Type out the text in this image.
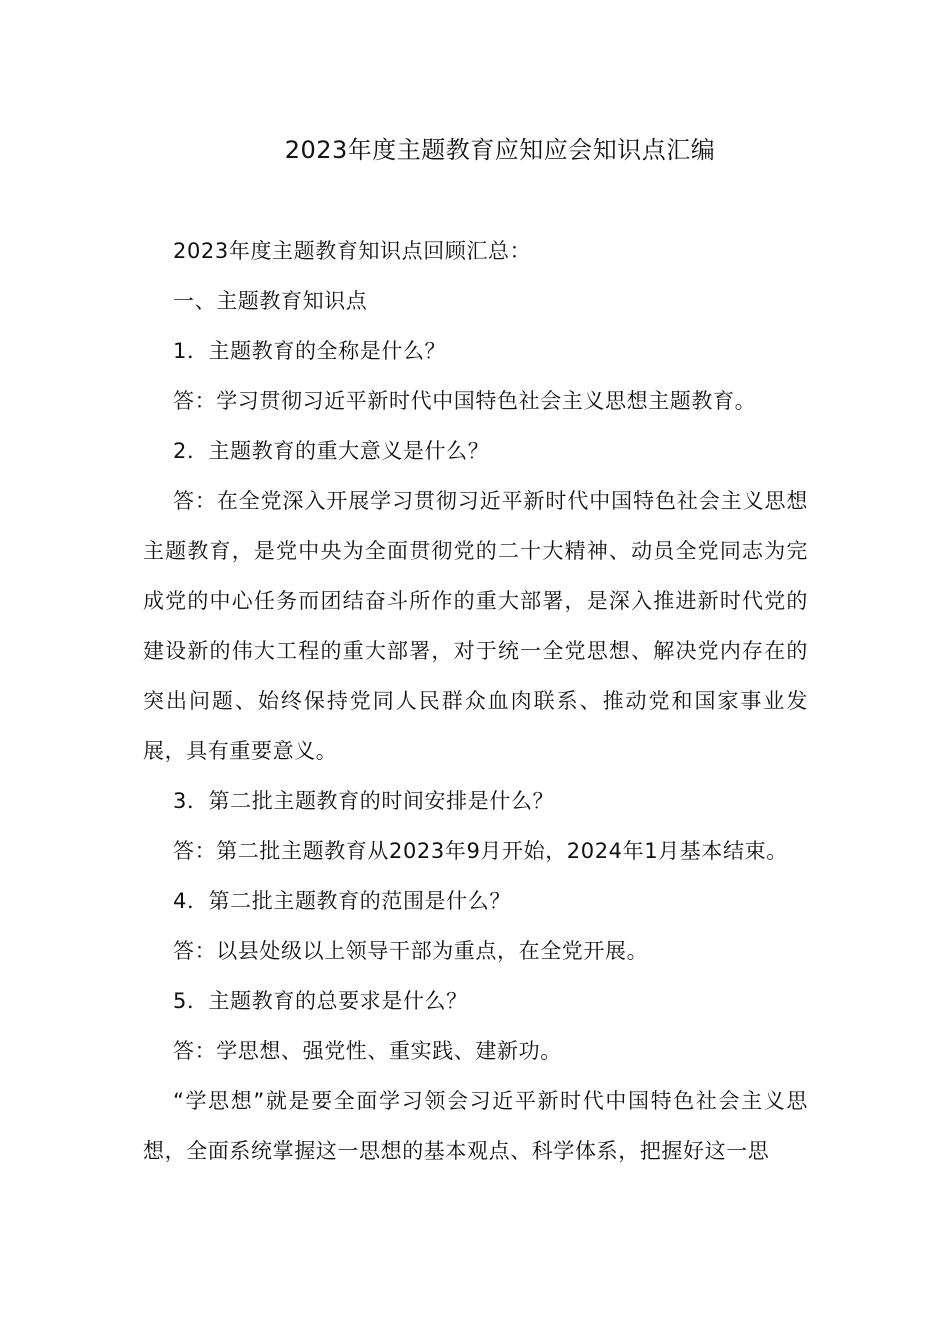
2023年度主题教育应知应会知识点汇编

2023年度主题教育知识点回顾汇总：

一、主题教育知识点

1．主题教育的全称是什么？

答：学习贯彻习近平新时代中国特色社会主义思想主题教育。

2．主题教育的重大意义是什么？

答：在全党深入开展学习贯彻习近平新时代中国特色社会主义思想主题教育，是党中央为全面贯彻党的二十大精神、动员全党同志为完成党的中心任务而团结奋斗所作的重大部署，是深入推进新时代党的建设新的伟大工程的重大部署，对于统一全党思想、解决党内存在的突出问题、始终保持党同人民群众血肉联系、推动党和国家事业发展，具有重要意义。

3．第二批主题教育的时间安排是什么？

答：第二批主题教育从2023年9月开始，2024年1月基本结束。

4．第二批主题教育的范围是什么？

答：以县处级以上领导干部为重点，在全党开展。

5．主题教育的总要求是什么？

答：学思想、强党性、重实践、建新功。

“学思想”就是要全面学习领会习近平新时代中国特色社会主义思想，全面系统掌握这一思想的基本观点、科学体系，把握好这一思
